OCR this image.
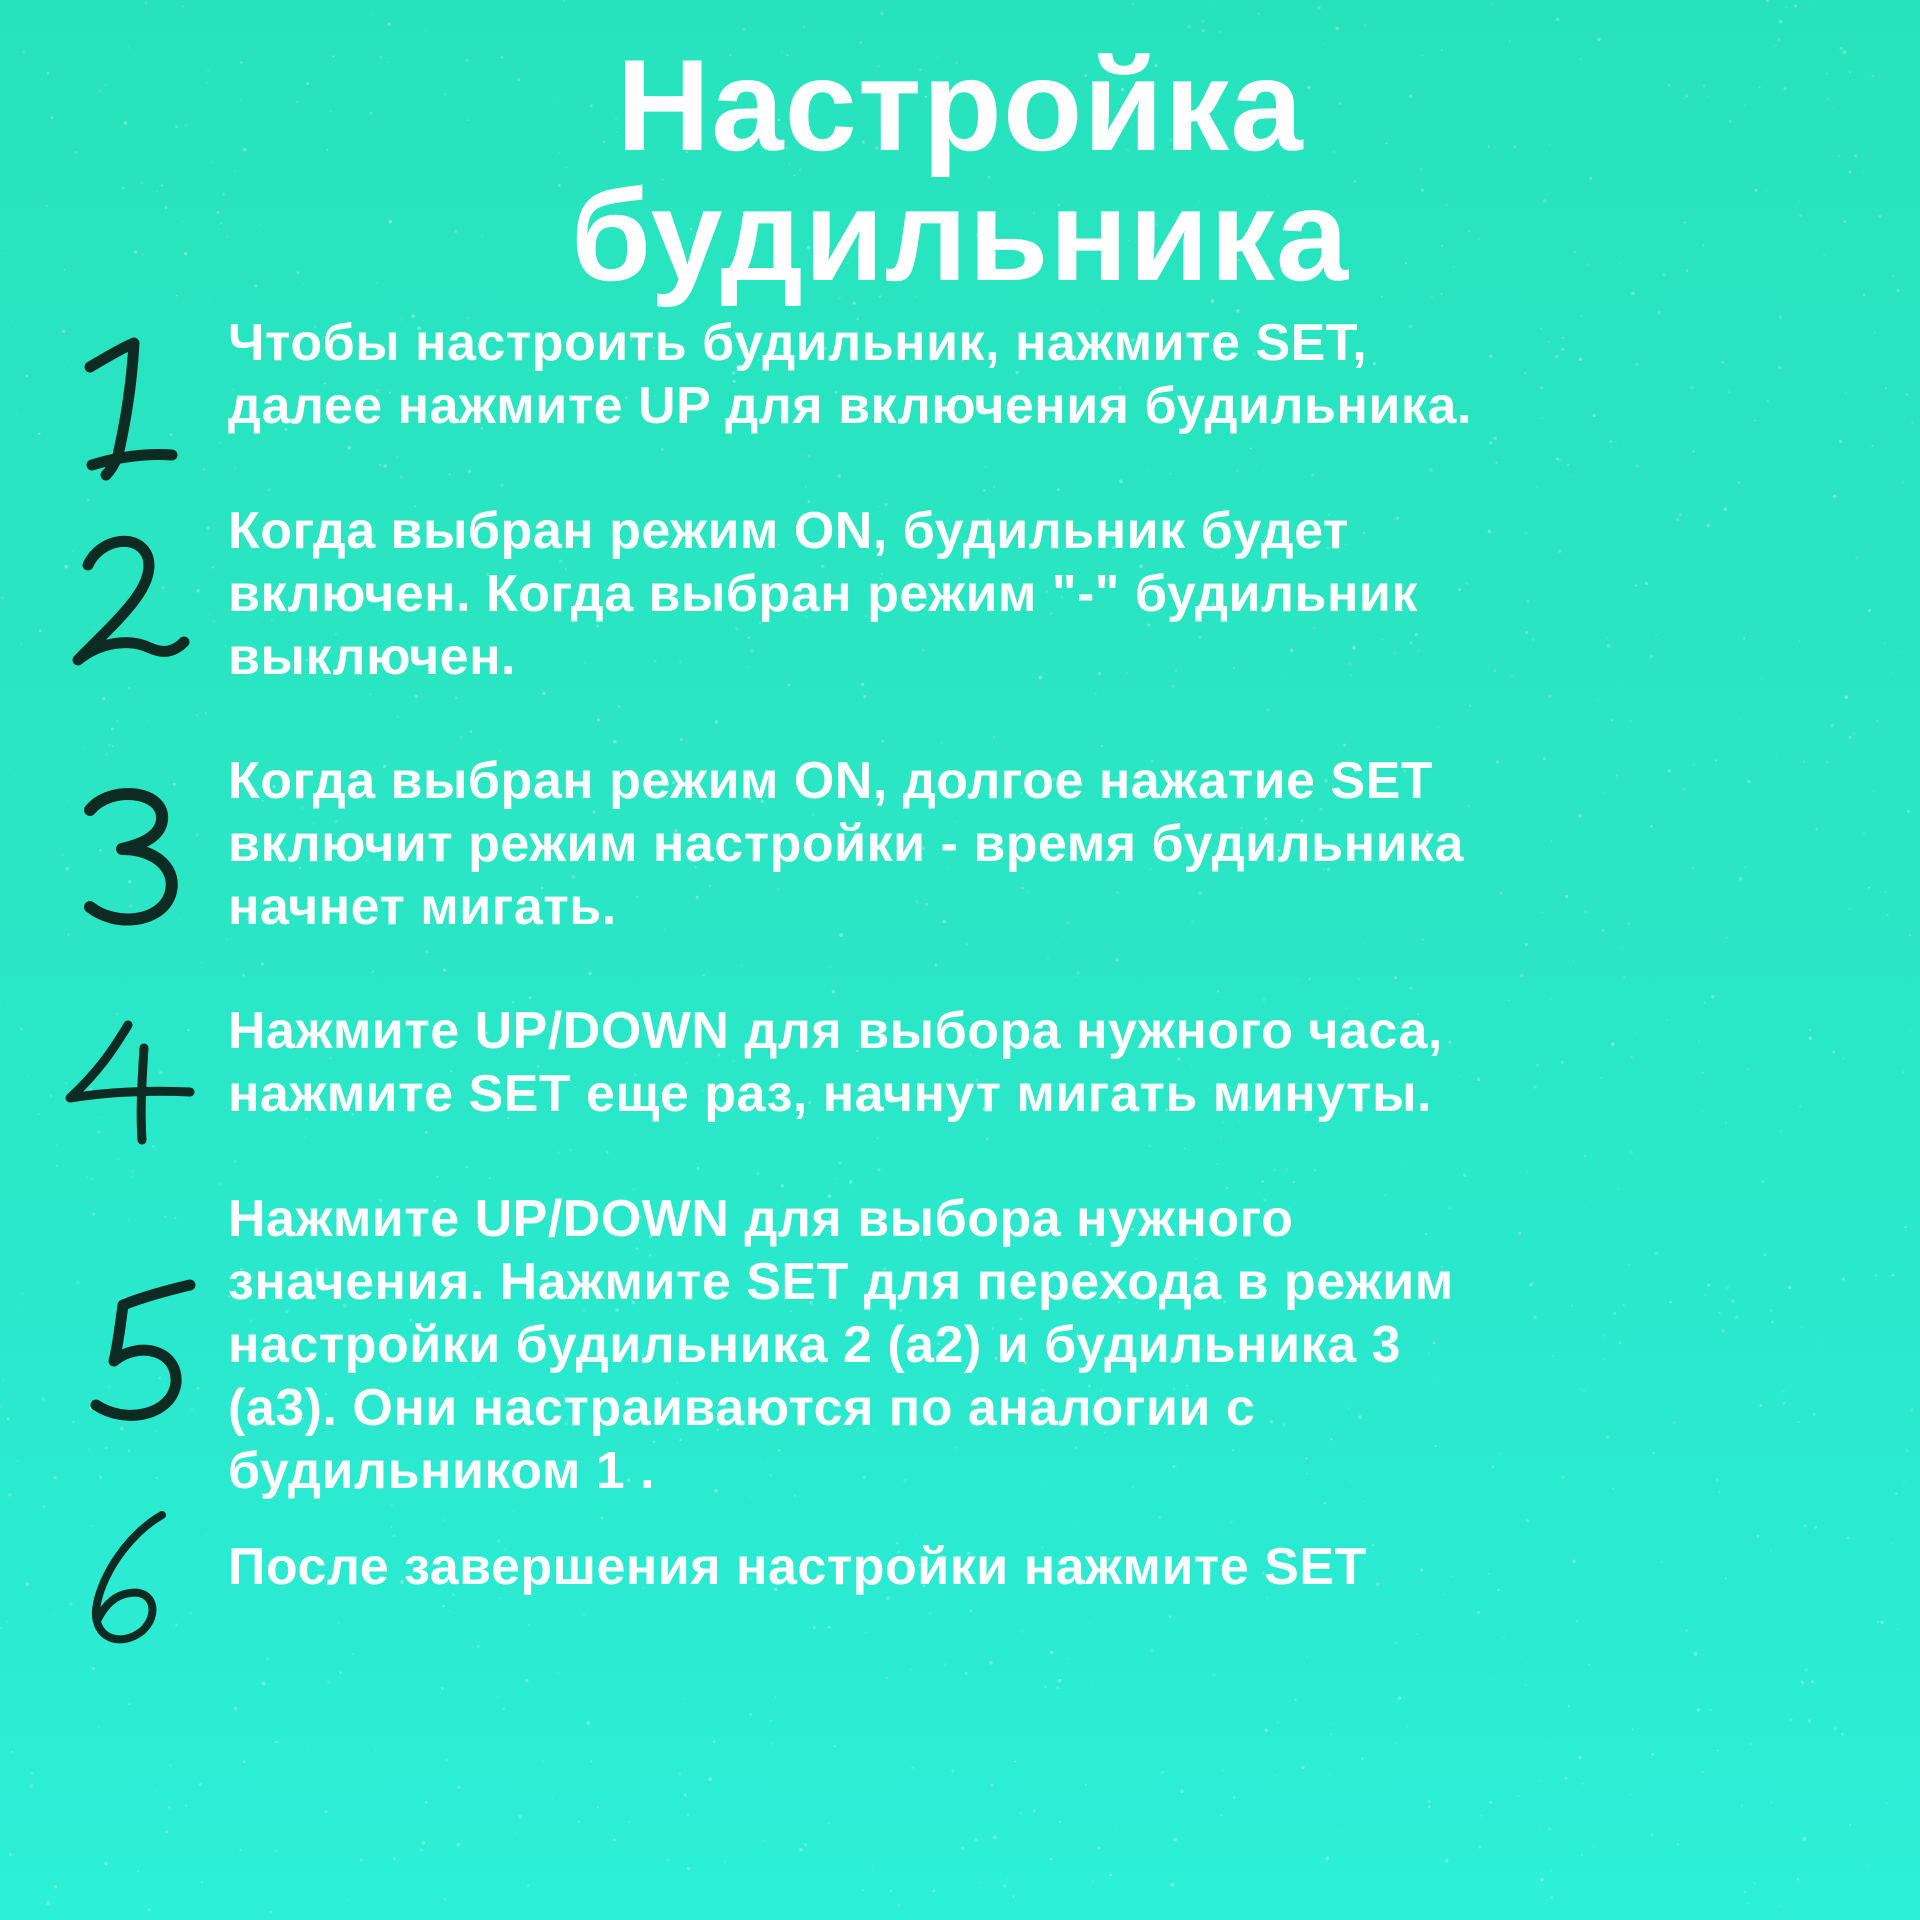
Настройка
будильника

Чтобы настроить будильник, нажмите SET,
далее нажмите UP для включения будильника.

Когда выбран режим ON, будильник будет
включен. Когда выбран режим "-" будильник
выключен.

Когда выбран режим ON, долгое нажатие SET
включит режим настройки - время будильника
начнет мигать.

Нажмите UP/DOWN для выбора нужного часа,
нажмите SET еще раз, начнут мигать минуты.

Нажмите UP/DOWN для выбора нужного
значения. Нажмите SET для перехода в режим
настройки будильника 2 (a2) и будильника 3
(a3). Они настраиваются по аналогии с
будильником 1 .

После завершения настройки нажмите SET
